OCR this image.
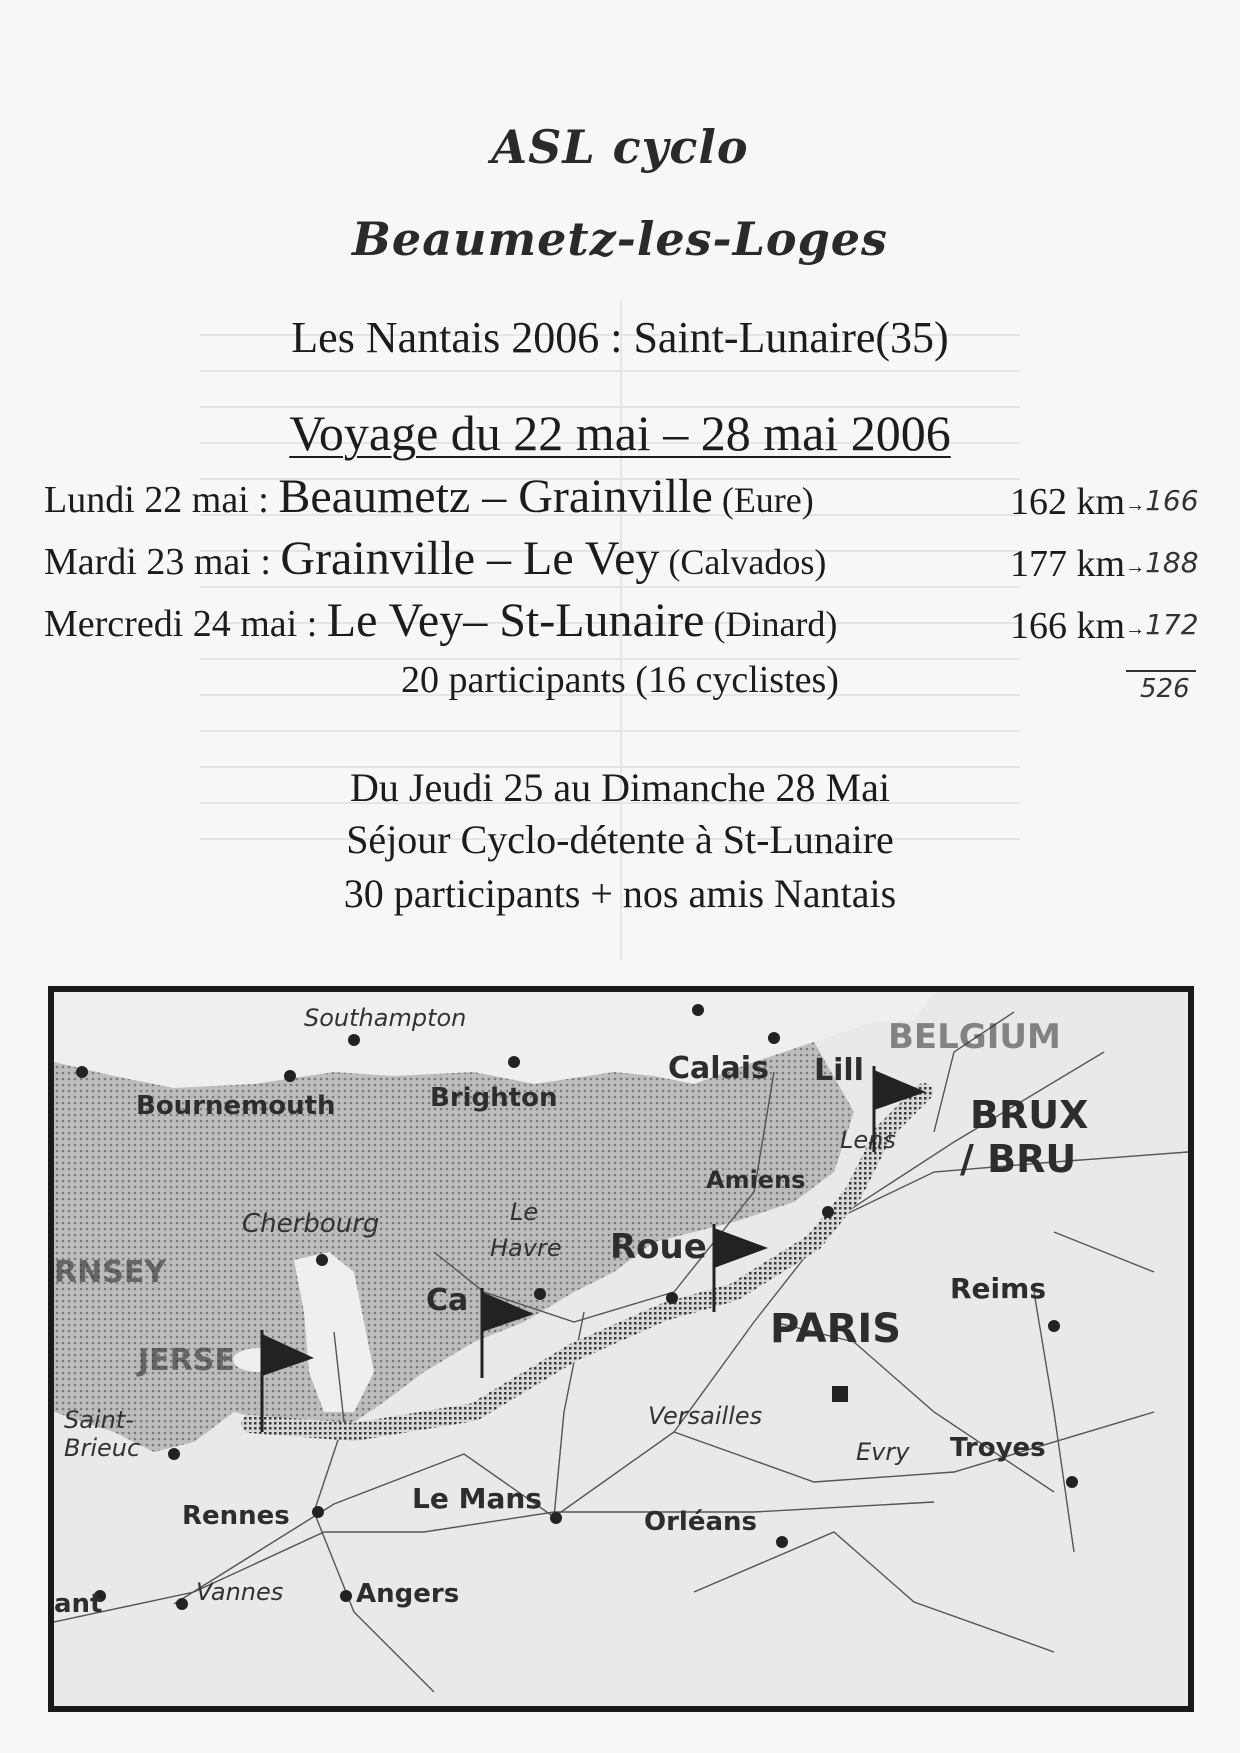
ASL cyclo
Beaumetz-les-Loges
Les Nantais 2006 : Saint-Lunaire(35)
Voyage du 22 mai – 28 mai 2006
Lundi 22 mai : Beaumetz – Grainville (Eure)	162 km→166
Mardi 23 mai : Grainville – Le Vey (Calvados)	177 km→188
Mercredi 24 mai : Le Vey– St-Lunaire (Dinard)	166 km→172
20 participants (16 cyclistes)	526
Du Jeudi 25 au Dimanche 28 Mai
Séjour Cyclo-détente à St-Lunaire
30 participants + nos amis Nantais
Southampton
Bournemouth	Brighton
Calais Lill
BELGIUM
BRUX
/ BRU
Lens
Amiens
Cherbourg	Le
Havre Roue
RNSEY
Ca	Reims
PARIS
JERSE
Versailles
Saint-
Brieuc	Evry Troyes
Rennes
Le Mans
Orléans
Vannes	Angers
ant
